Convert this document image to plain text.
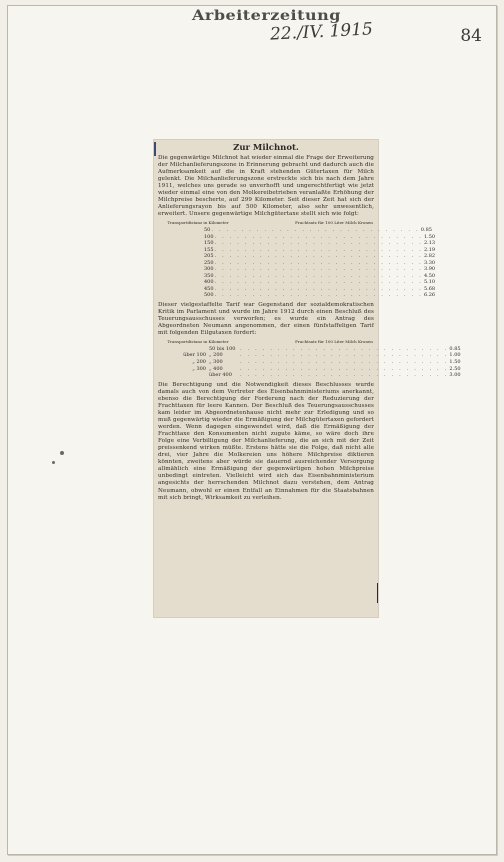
Arbeiterzeitung
22./IV. 1915	84
Zur Milchnot.

Die gegenwärtige Milchnot hat wieder einmal die Frage der Erweiterung der Milchanlieferungszone in Erinnerung gebracht und dadurch auch die Aufmerksamkeit auf die in Kraft stehenden Gütertaxen für Milch gelenkt. Die Milchanlieferungszone erstreckte sich bis nach dem Jahre 1911, welches uns gerade so unverhofft und ungerechtfertigt wie jetzt wieder einmal eine von den Molkereibetrieben veranlaßte Erhöhung der Milchpreise bescherte, auf 299 Kilometer. Seit dieser Zeit hat sich der Anlieferungsrayon bis auf 500 Kilometer, also sehr unwesentlich, erweitert. Unsere gegenwärtige Milchgütertaxe stellt sich wie folgt:

Transportdistanz in Kilometer	Frachtsatz für 100 Liter Milch Kronen
50 . . . . . . . . . . . . . . . . . . . . . . . . . . . . 0.85
100 . . . . . . . . . . . . . . . . . . . . . . . . . . . . 1.50
150 . . . . . . . . . . . . . . . . . . . . . . . . . . . . 2.13
155 . . . . . . . . . . . . . . . . . . . . . . . . . . . . 2.19
205 . . . . . . . . . . . . . . . . . . . . . . . . . . . . 2.82
250 . . . . . . . . . . . . . . . . . . . . . . . . . . . . 3.30
300 . . . . . . . . . . . . . . . . . . . . . . . . . . . . 3.90
350 . . . . . . . . . . . . . . . . . . . . . . . . . . . . 4.50
400 . . . . . . . . . . . . . . . . . . . . . . . . . . . . 5.10
450 . . . . . . . . . . . . . . . . . . . . . . . . . . . . 5.68
500 . . . . . . . . . . . . . . . . . . . . . . . . . . . . 6.26

Dieser vielgestaffelte Tarif war Gegenstand der sozialdemokratischen Kritik im Parlament und wurde im Jahre 1912 durch einen Beschluß des Teuerungsausschusses verworfen; es wurde ein Antrag des Abgeordneten Neumann angenommen, der einen fünfstaffeligen Tarif mit folgenden Eilgutaxen fordert:

Transportdistanz in Kilometer	Frachtsatz für 100 Liter Milch Kronen
50 bis 100 . . . . . . . . . . . . . . . . . . . . . . . . . . . . 0.85
über 100 „ 200	. . . . . . . . . . . . . . . . . . . . . . . . . . . . 1.00
„ 200 „ 300	. . . . . . . . . . . . . . . . . . . . . . . . . . . . 1.50
„ 300 „ 400	. . . . . . . . . . . . . . . . . . . . . . . . . . . . 2.50
über 400	. . . . . . . . . . . . . . . . . . . . . . . . . . . . 3.00

Die Berechtigung und die Notwendigkeit dieses Beschlusses wurde damals auch von dem Vertreter des Eisenbahnministeriums anerkannt, ebenso die Berechtigung der Forderung nach der Reduzierung der Frachttaxen für leere Kannen. Der Beschluß des Teuerungsausschusses kam leider im Abgeordnetenhause nicht mehr zur Erledigung und so muß gegenwärtig wieder die Ermäßigung der Milchgütertaxen gefordert werden. Wenn dagegen eingewendet wird, daß die Ermäßigung der Frachttaxe den Konsumenten nicht zugute käme, so wäre doch ihre Folge eine Verbilligung der Milchanlieferung, die an sich mit der Zeit preissenkend wirken müßte. Erstens hätte sie die Folge, daß nicht alle drei, vier Jahre die Molkereien uns höhere Milchpreise diktieren könnten, zweitens aber würde sie dauernd ausreichender Versorgung allmählich eine Ermäßigung der gegenwärtigen hohen Milchpreise unbedingt eintreten. Vielleicht wird sich das Eisenbahnministerium angesichts der herrschenden Milchnot dazu verstehen, dem Antrag Neumann, obwohl er einen Entfall an Einnahmen für die Staatsbahnen mit sich bringt, Wirksamkeit zu verleihen.
